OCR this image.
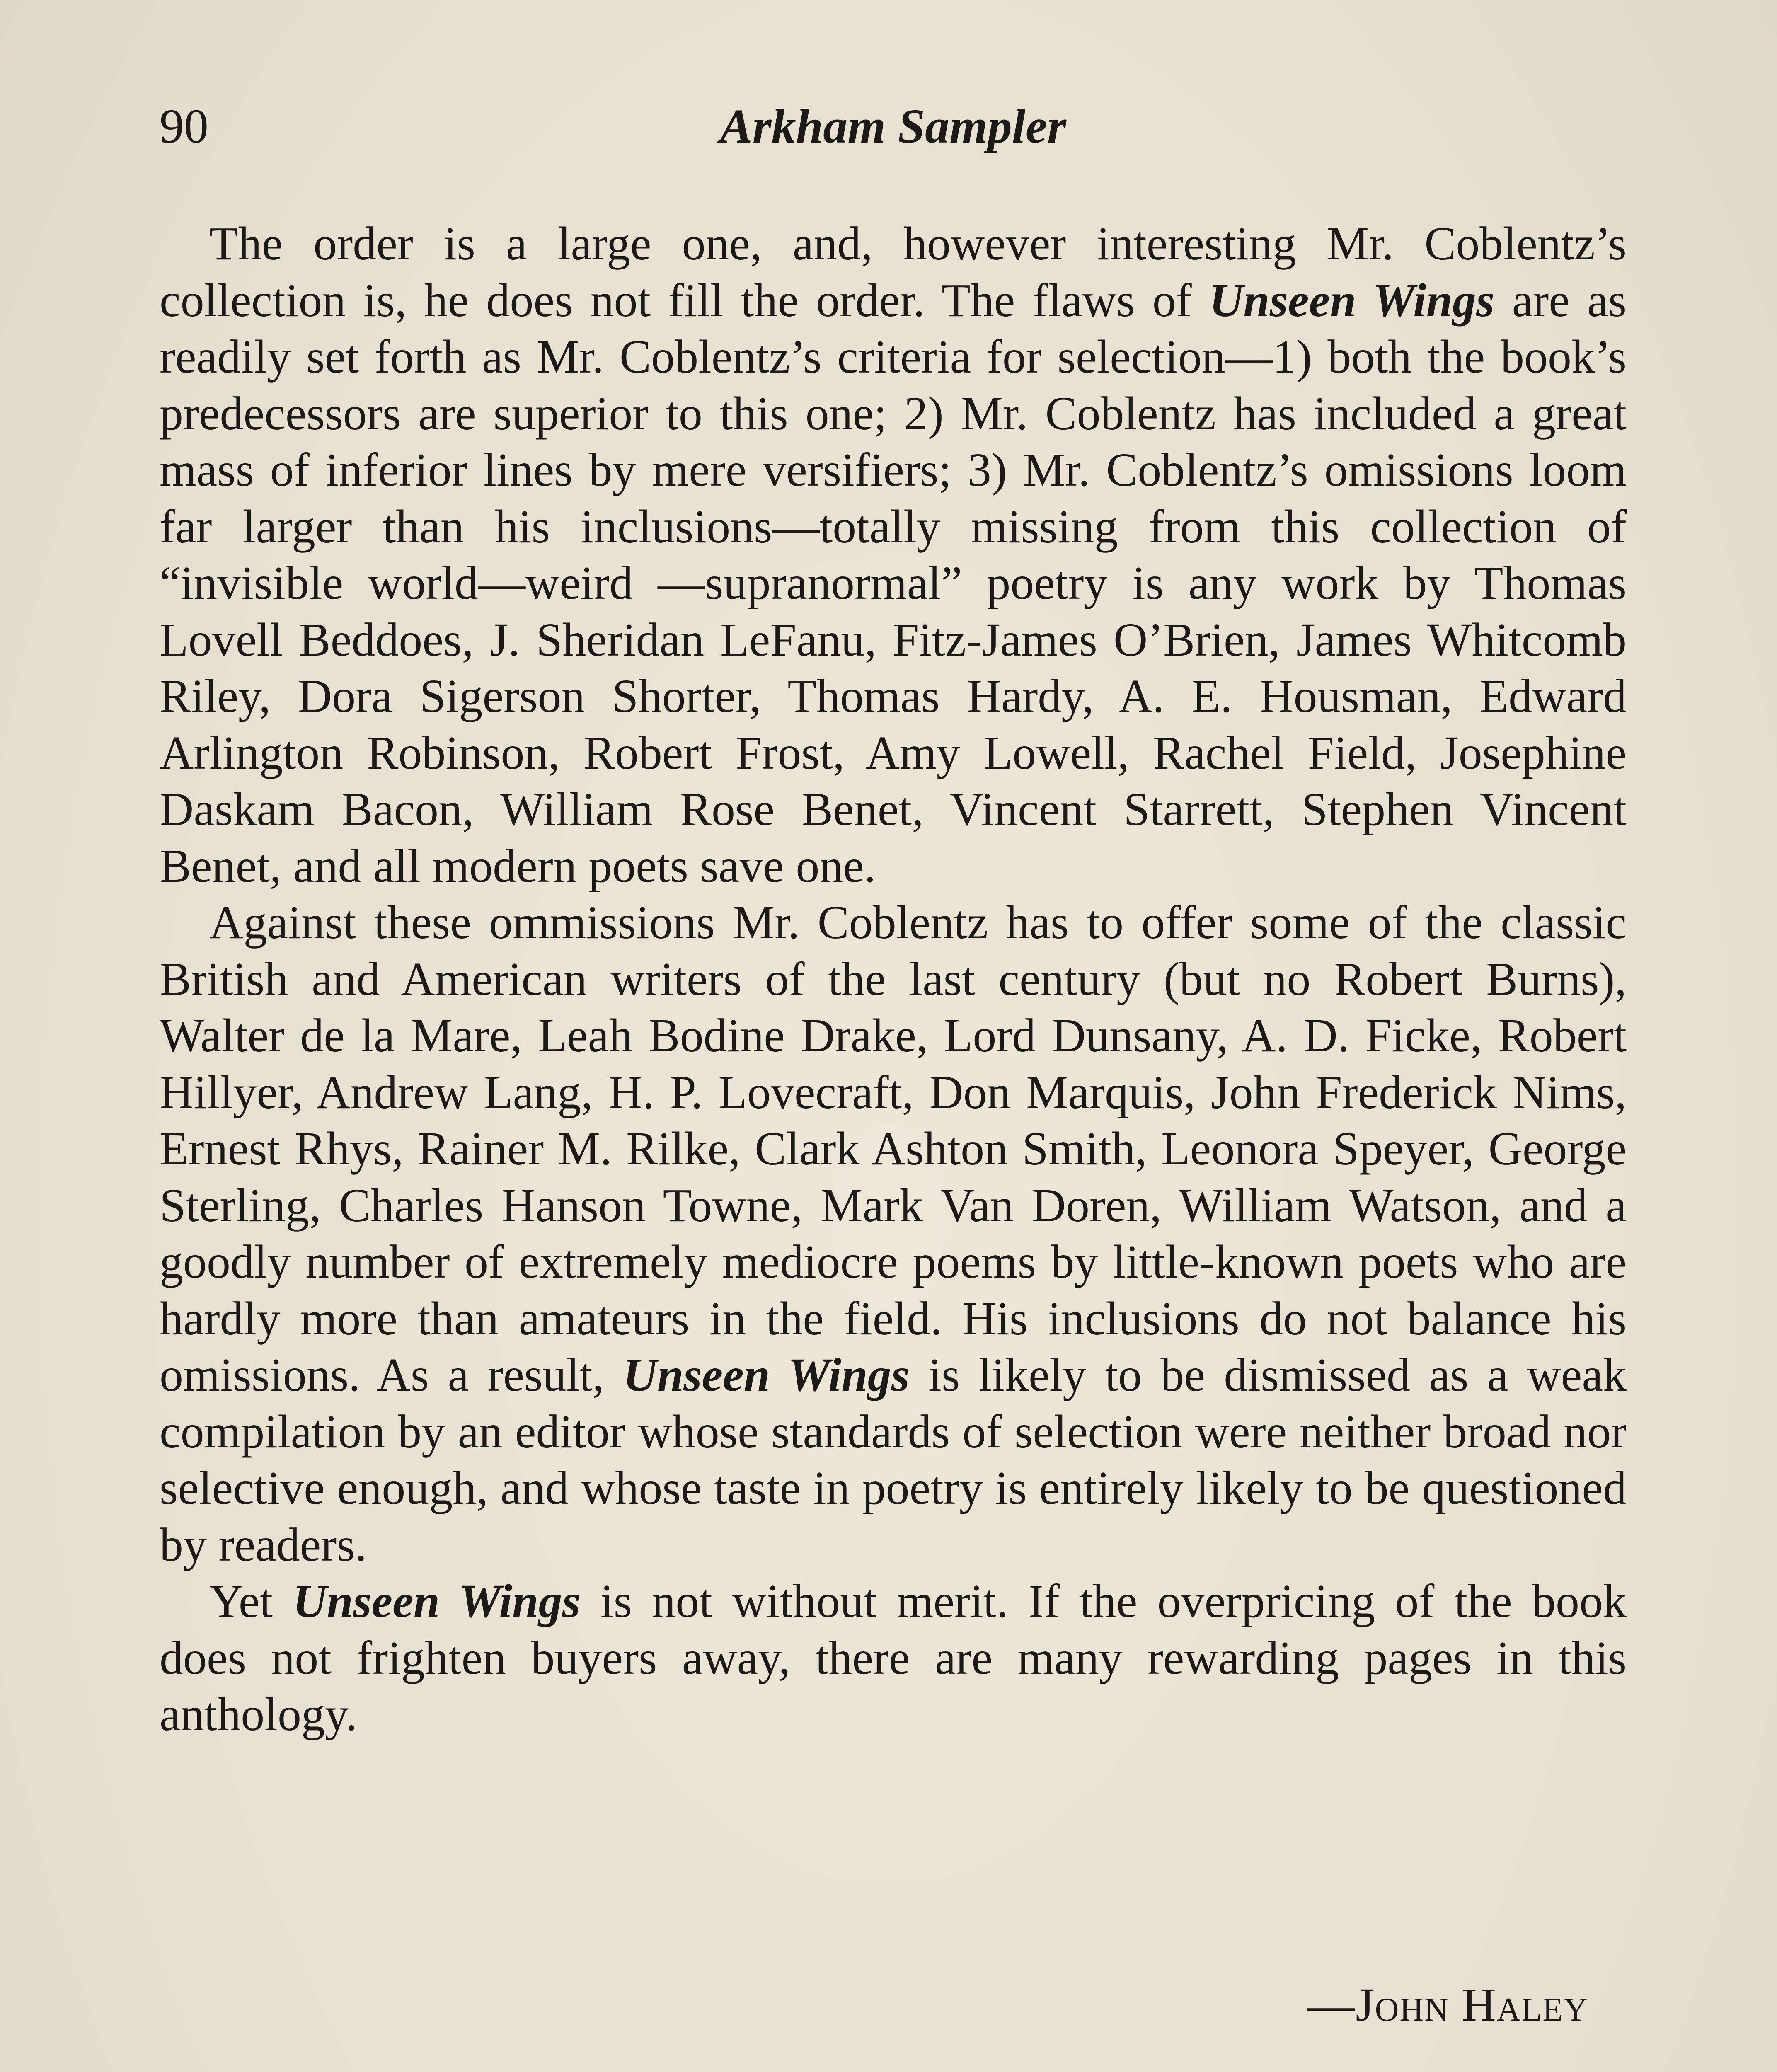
90	Arkham Sampler

The order is a large one, and, however interesting Mr. Coblentz’s collection is, he does not fill the order. The flaws of Unseen Wings are as readily set forth as Mr. Coblentz’s criteria for selection—1) both the book’s predecessors are superior to this one; 2) Mr. Coblentz has included a great mass of inferior lines by mere versifiers; 3) Mr. Coblentz’s omissions loom far larger than his inclusions—totally missing from this collection of “invisible world—weird —supranormal” poetry is any work by Thomas Lovell Beddoes, J. Sheridan LeFanu, Fitz-James O’Brien, James Whitcomb Riley, Dora Sigerson Shorter, Thomas Hardy, A. E. Housman, Edward Arlington Robinson, Robert Frost, Amy Lowell, Rachel Field, Josephine Daskam Bacon, William Rose Benet, Vincent Starrett, Stephen Vincent Benet, and all modern poets save one.

Against these ommissions Mr. Coblentz has to offer some of the classic British and American writers of the last century (but no Robert Burns), Walter de la Mare, Leah Bodine Drake, Lord Dunsany, A. D. Ficke, Robert Hillyer, Andrew Lang, H. P. Lovecraft, Don Marquis, John Frederick Nims, Ernest Rhys, Rainer M. Rilke, Clark Ashton Smith, Leonora Speyer, George Sterling, Charles Hanson Towne, Mark Van Doren, William Watson, and a goodly number of extremely mediocre poems by little-known poets who are hardly more than amateurs in the field. His inclusions do not balance his omissions. As a result, Unseen Wings is likely to be dismissed as a weak compilation by an editor whose standards of selection were neither broad nor selective enough, and whose taste in poetry is entirely likely to be questioned by readers.

Yet Unseen Wings is not without merit. If the overpricing of the book does not frighten buyers away, there are many rewarding pages in this anthology.

—John Haley
